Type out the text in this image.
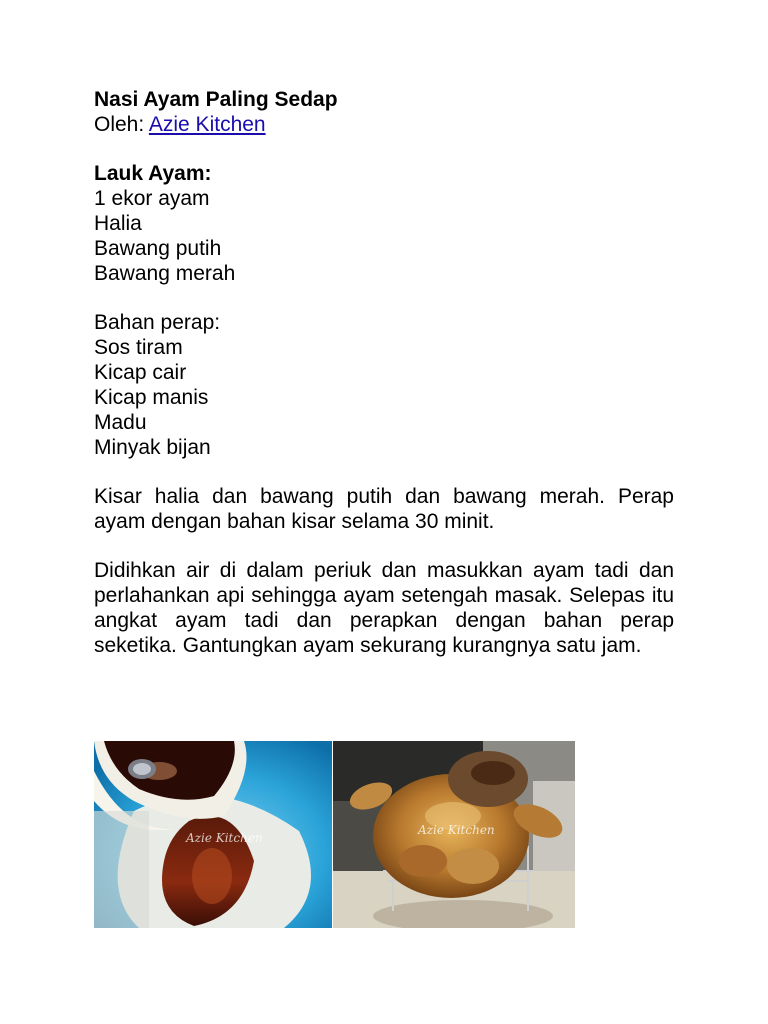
Nasi Ayam Paling Sedap

Oleh: Azie Kitchen

Lauk Ayam:

1 ekor ayam

Halia

Bawang putih

Bawang merah

Bahan perap:

Sos tiram

Kicap cair

Kicap manis

Madu

Minyak bijan

Kisar halia dan bawang putih dan bawang merah. Perap ayam dengan bahan kisar selama 30 minit.

Didihkan air di dalam periuk dan masukkan ayam tadi dan perlahankan api sehingga ayam setengah masak. Selepas itu angkat ayam tadi dan perapkan dengan bahan perap seketika. Gantungkan ayam sekurang kurangnya satu jam.

Azie Kitchen
Azie Kitchen
